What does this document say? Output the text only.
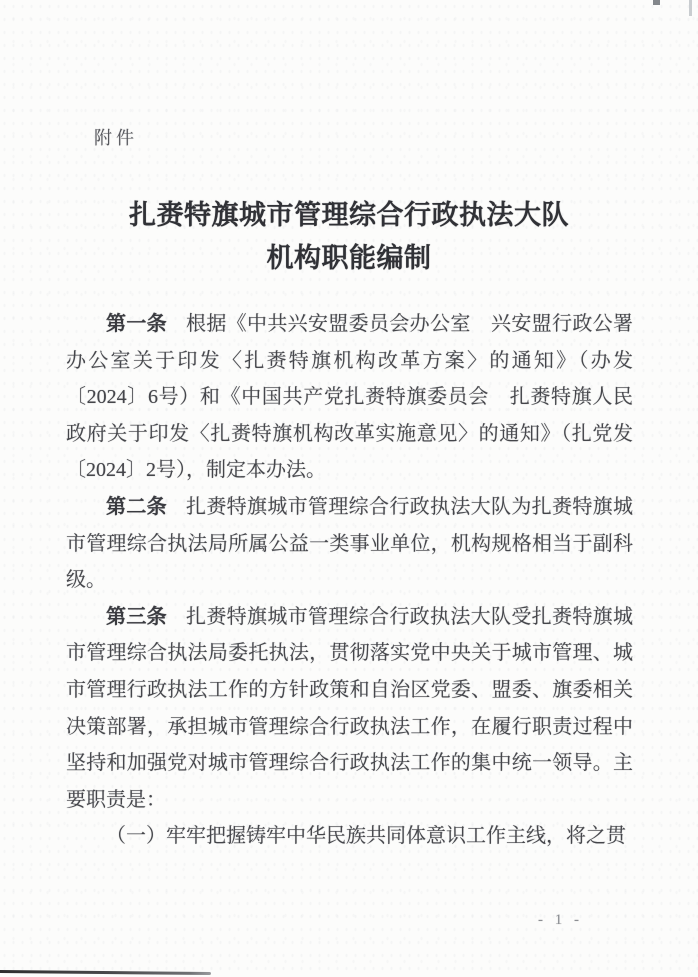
附件
扎赉特旗城市管理综合行政执法大队
机构职能编制

第一条 根据《中共兴安盟委员会办公室　兴安盟行政公署办公室关于印发〈扎赉特旗机构改革方案〉的通知》（办发〔2024〕6号）和《中国共产党扎赉特旗委员会　扎赉特旗人民政府关于印发〈扎赉特旗机构改革实施意见〉的通知》（扎党发〔2024〕2号），制定本办法。

第二条 扎赉特旗城市管理综合行政执法大队为扎赉特旗城市管理综合执法局所属公益一类事业单位，机构规格相当于副科级。

第三条 扎赉特旗城市管理综合行政执法大队受扎赉特旗城市管理综合执法局委托执法，贯彻落实党中央关于城市管理、城市管理行政执法工作的方针政策和自治区党委、盟委、旗委相关决策部署，承担城市管理综合行政执法工作，在履行职责过程中坚持和加强党对城市管理综合行政执法工作的集中统一领导。主要职责是：

（一）牢牢把握铸牢中华民族共同体意识工作主线，将之贯

- 1 -
